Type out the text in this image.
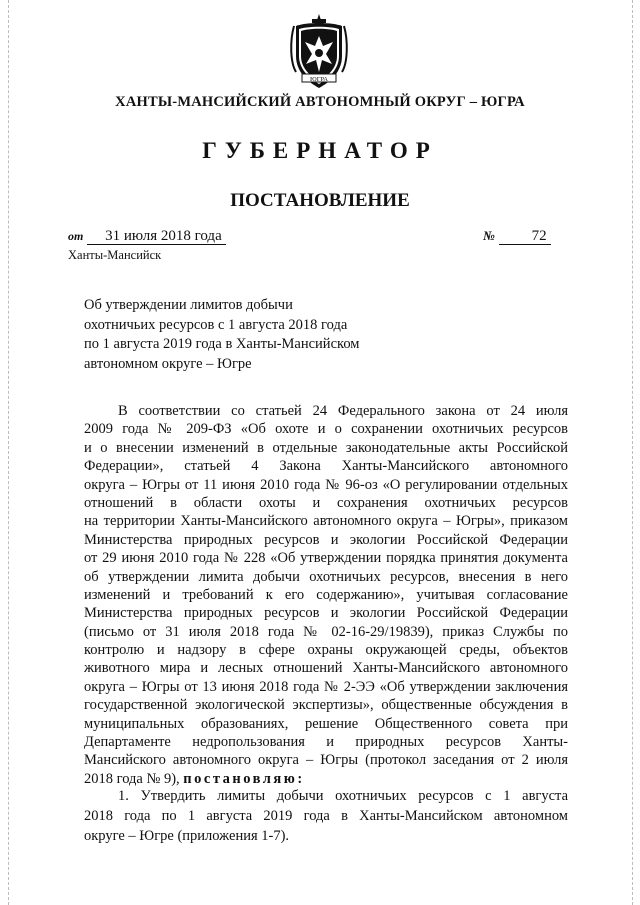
ЮГРА
ХАНТЫ-МАНСИЙСКИЙ АВТОНОМНЫЙ ОКРУГ – ЮГРА
ГУБЕРНАТОР
ПОСТАНОВЛЕНИЕ
от 31 июля 2018 года	№ 72
Ханты-Мансийск
Об утверждении лимитов добычи
охотничьих ресурсов с 1 августа 2018 года
по 1 августа 2019 года в Ханты-Мансийском
автономном округе – Югре
В соответствии со статьей 24 Федерального закона от 24 июля
2009 года № 209-ФЗ «Об охоте и о сохранении охотничьих ресурсов
и о внесении изменений в отдельные законодательные акты Российской
Федерации», статьей 4 Закона Ханты-Мансийского автономного
округа – Югры от 11 июня 2010 года № 96-оз «О регулировании отдельных
отношений в области охоты и сохранения охотничьих ресурсов
на территории Ханты-Мансийского автономного округа – Югры», приказом
Министерства природных ресурсов и экологии Российской Федерации
от 29 июня 2010 года № 228 «Об утверждении порядка принятия документа
об утверждении лимита добычи охотничьих ресурсов, внесения в него
изменений и требований к его содержанию», учитывая согласование
Министерства природных ресурсов и экологии Российской Федерации
(письмо от 31 июля 2018 года № 02-16-29/19839), приказ Службы по
контролю и надзору в сфере охраны окружающей среды, объектов
животного мира и лесных отношений Ханты-Мансийского автономного
округа – Югры от 13 июня 2018 года № 2-ЭЭ «Об утверждении заключения
государственной экологической экспертизы», общественные обсуждения в
муниципальных образованиях, решение Общественного совета при
Департаменте недропользования и природных ресурсов Ханты-
Мансийского автономного округа – Югры (протокол заседания от 2 июля
2018 года № 9), постановляю:
1. Утвердить лимиты добычи охотничьих ресурсов с 1 августа
2018 года по 1 августа 2019 года в Ханты-Мансийском автономном
округе – Югре (приложения 1-7).
